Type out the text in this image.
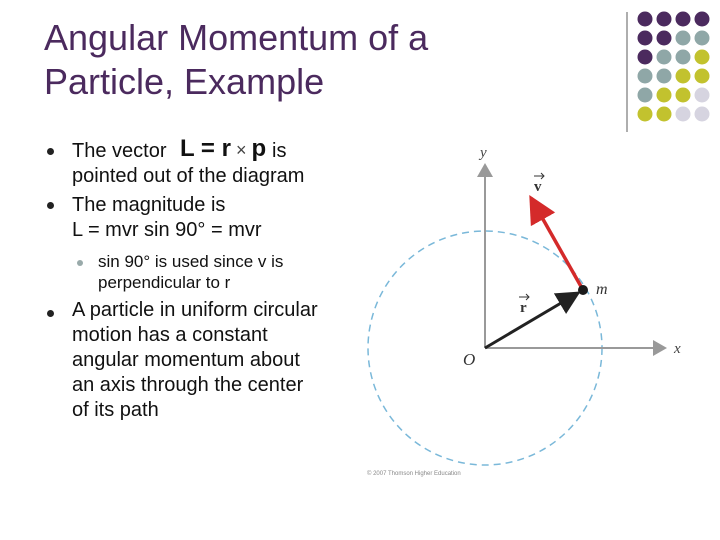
Angular Momentum of a
Particle, Example
The vector L = r × p is
pointed out of the diagram
The magnitude is
L = mvr sin 90° = mvr
sin 90° is used since v is
perpendicular to r
A particle in uniform circular
motion has a constant
angular momentum about
an axis through the center
of its path
y
x
O
m
v
r
© 2007 Thomson Higher Education
